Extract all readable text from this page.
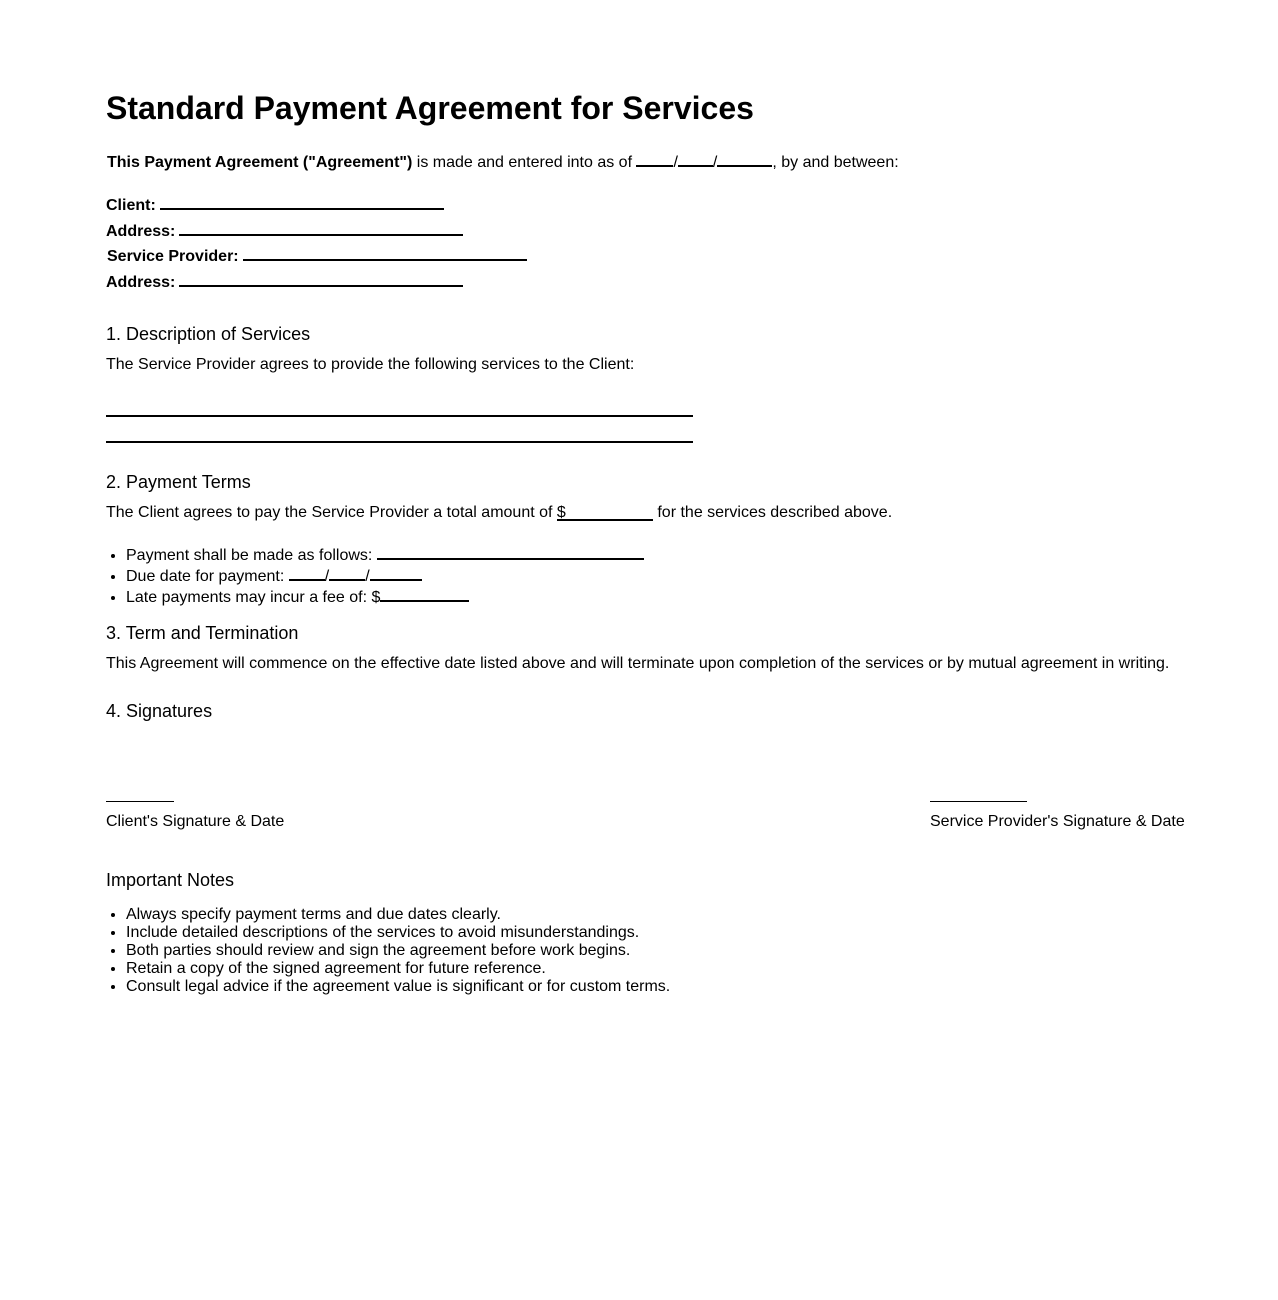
Standard Payment Agreement for Services
This Payment Agreement ("Agreement") is made and entered into as of / /	, by and between:
Client:
Address:
Service Provider:
Address:
1. Description of Services

The Service Provider agrees to provide the following services to the Client:

2. Payment Terms

The Client agrees to pay the Service Provider a total amount of $	for the services described above.

• Payment shall be made as follows:
• Due date for payment: / /
• Late payments may incur a fee of: $
3. Term and Termination

This Agreement will commence on the effective date listed above and will terminate upon completion of the services or by mutual agreement in writing.

4. Signatures
Client's Signature & Date	Service Provider's Signature & Date
Important Notes
• Always specify payment terms and due dates clearly.
• Include detailed descriptions of the services to avoid misunderstandings.
• Both parties should review and sign the agreement before work begins.
• Retain a copy of the signed agreement for future reference.
• Consult legal advice if the agreement value is significant or for custom terms.
